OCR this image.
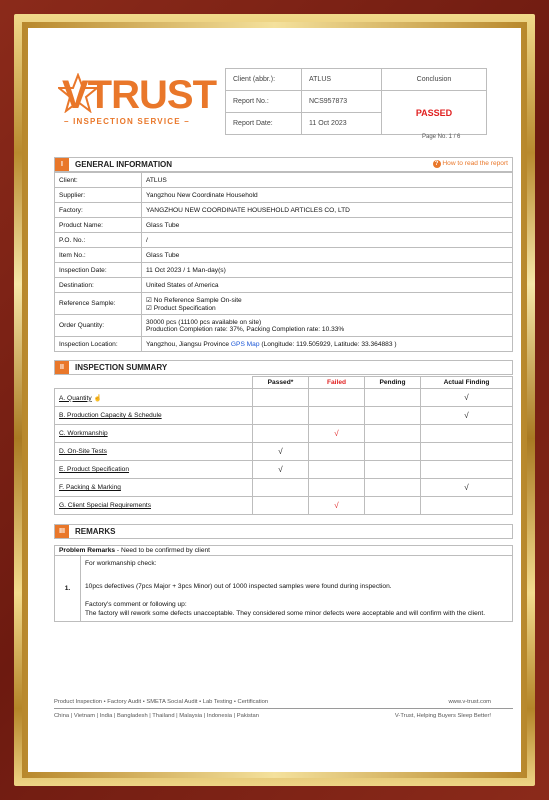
VTRUST
– INSPECTION SERVICE –
Client (abbr.):	ATLUS	Conclusion
Report No.:	NCS957873	PASSED
Report Date:	11 Oct 2023	
Page No. 1 / 6
I	GENERAL INFORMATION	? How to read the report
Client:	ATLUS
Supplier:	Yangzhou New Coordinate Household
Factory:	YANGZHOU NEW COORDINATE HOUSEHOLD ARTICLES CO, LTD
Product Name:	Glass Tube
P.O. No.:	/
Item No.:	Glass Tube
Inspection Date:	11 Oct 2023 / 1 Man-day(s)
Destination:	United States of America
Reference Sample:	☑ No Reference Sample On-site
☑ Product Specification

Order Quantity:	30000 pcs (11100 pcs available on site)
Production Completion rate: 37%, Packing Completion rate: 10.33%

Inspection Location:	Yangzhou, Jiangsu Province GPS Map (Longitude: 119.505929, Latitude: 33.364883 )
II	INSPECTION SUMMARY
	Passed*	Failed	Pending	Actual Finding
A. Quantity ☝				√
B. Production Capacity & Schedule				√
C. Workmanship		√		
D. On-Site Tests	√			
E. Product Specification	√			
F. Packing & Marking				√
G. Client Special Requirements		√		
III	REMARKS
Problem Remarks - Need to be confirmed by client
1.	
For workmanship check:
10pcs defectives (7pcs Major + 3pcs Minor) out of 1000 inspected samples were found during inspection.
Factory's comment or following up:
The factory will rework some defects unacceptable. They considered some minor defects were acceptable and will confirm with the client.
Product Inspection • Factory Audit • SMETA Social Audit • Lab Testing • Certification	www.v-trust.com
China | Vietnam | India | Bangladesh | Thailand | Malaysia | Indonesia | Pakistan	V-Trust, Helping Buyers Sleep Better!
